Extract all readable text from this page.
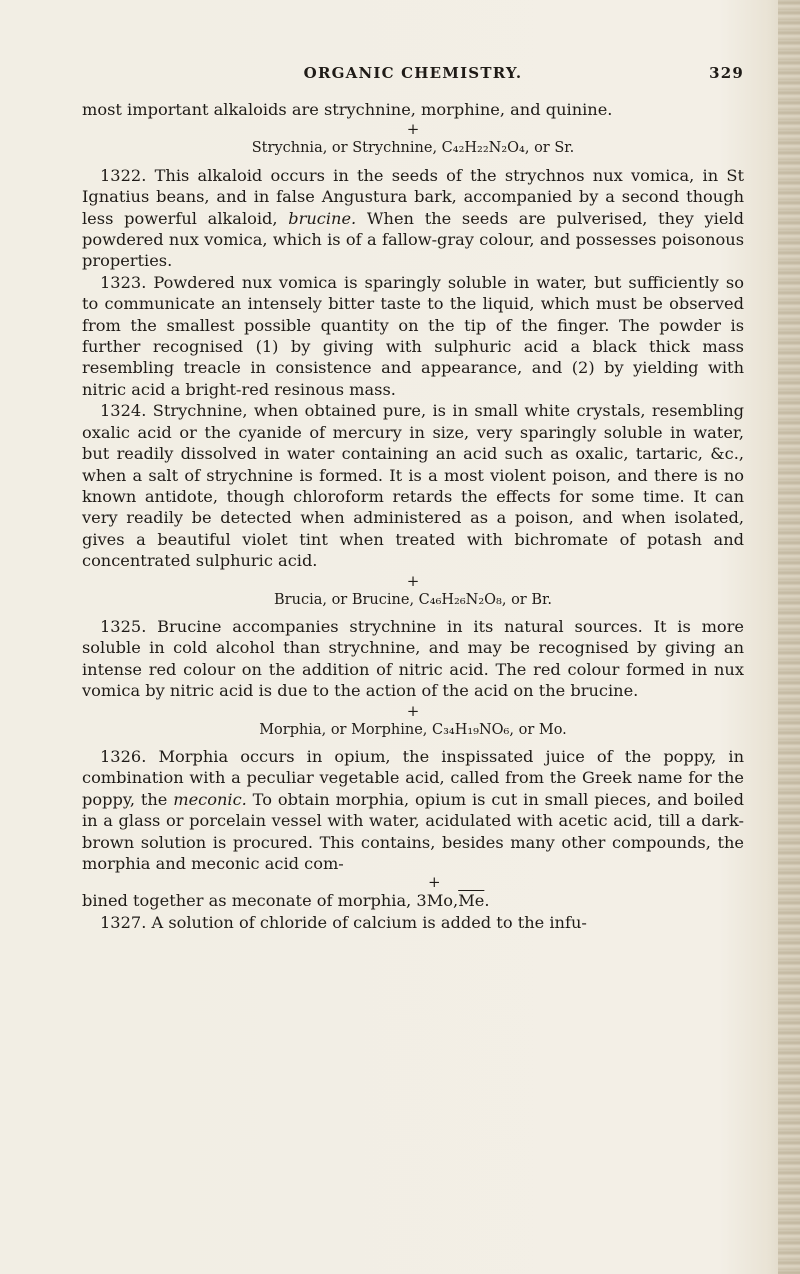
ORGANIC CHEMISTRY.	329

most important alkaloids are strychnine, morphine, and quinine.

+
Strychnia, or Strychnine, C₄₂H₂₂N₂O₄, or Sr.

1322. This alkaloid occurs in the seeds of the strychnos nux vomica, in St Ignatius beans, and in false Angustura bark, accompanied by a second though less powerful alkaloid, brucine. When the seeds are pulverised, they yield powdered nux vomica, which is of a fallow-gray colour, and possesses poisonous properties.

1323. Powdered nux vomica is sparingly soluble in water, but sufficiently so to communicate an intensely bitter taste to the liquid, which must be observed from the smallest possible quantity on the tip of the finger. The powder is further recognised (1) by giving with sulphuric acid a black thick mass resembling treacle in consistence and appearance, and (2) by yielding with nitric acid a bright-red resinous mass.

1324. Strychnine, when obtained pure, is in small white crystals, resembling oxalic acid or the cyanide of mercury in size, very sparingly soluble in water, but readily dissolved in water containing an acid such as oxalic, tartaric, &c., when a salt of strychnine is formed. It is a most violent poison, and there is no known antidote, though chloroform retards the effects for some time. It can very readily be detected when administered as a poison, and when isolated, gives a beautiful violet tint when treated with bichromate of potash and concentrated sulphuric acid.

+
Brucia, or Brucine, C₄₆H₂₆N₂O₈, or Br.

1325. Brucine accompanies strychnine in its natural sources. It is more soluble in cold alcohol than strychnine, and may be recognised by giving an intense red colour on the addition of nitric acid. The red colour formed in nux vomica by nitric acid is due to the action of the acid on the brucine.

+
Morphia, or Morphine, C₃₄H₁₉NO₆, or Mo.

1326. Morphia occurs in opium, the inspissated juice of the poppy, in combination with a peculiar vegetable acid, called from the Greek name for the poppy, the meconic. To obtain morphia, opium is cut in small pieces, and boiled in a glass or porcelain vessel with water, acidulated with acetic acid, till a dark-brown solution is procured. This contains, besides many other compounds, the morphia and meconic acid com-

+

bined together as meconate of morphia, $3Mo,\overline{Me}$.

1327. A solution of chloride of calcium is added to the infu-
